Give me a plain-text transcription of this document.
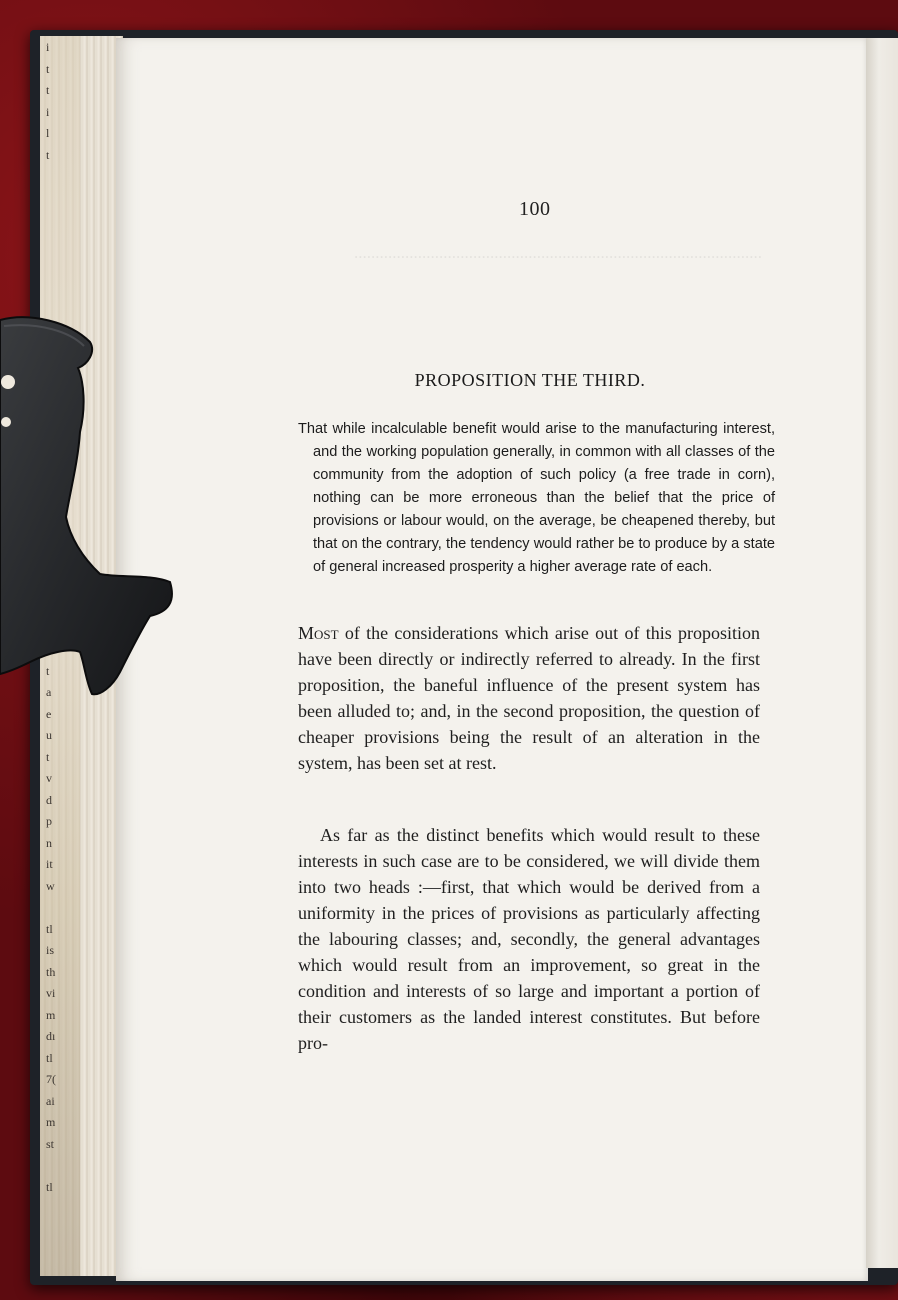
i
t
t
i
l
t
t
a
e
u
t
v
d
p
n
it
w
tl
is
th
vi
m
dı
tl
7(
ai
m
st
tl
................................................................................................
100
PROPOSITION THE THIRD.
That while incalculable benefit would arise to the manufacturing interest, and the working population generally, in common with all classes of the community from the adoption of such policy (a free trade in corn), nothing can be more erroneous than the belief that the price of provisions or labour would, on the average, be cheapened thereby, but that on the contrary, the tendency would rather be to produce by a state of general increased prosperity a higher average rate of each.
Most of the considerations which arise out of this proposition have been directly or indirectly referred to already. In the first proposition, the baneful influence of the present system has been alluded to; and, in the second proposition, the question of cheaper provisions being the result of an alteration in the system, has been set at rest.
As far as the distinct benefits which would result to these interests in such case are to be considered, we will divide them into two heads :—first, that which would be derived from a uniformity in the prices of provisions as particularly affecting the labouring classes; and, secondly, the general advantages which would result from an improvement, so great in the condition and interests of so large and important a portion of their customers as the landed interest constitutes. But before pro-
